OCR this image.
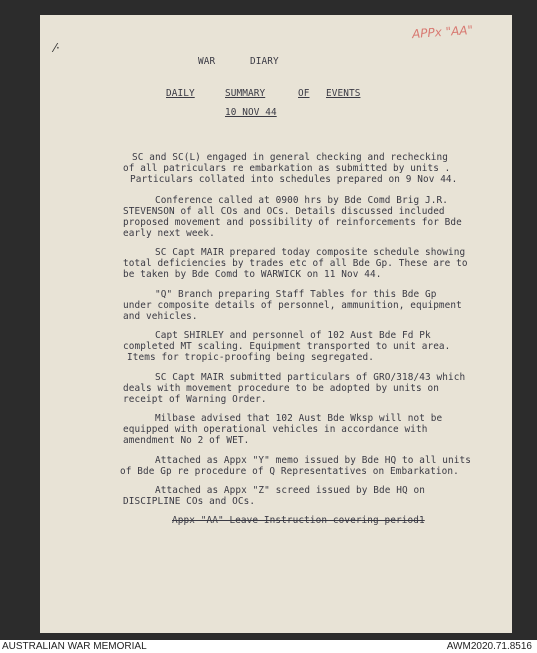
⁄·
APPx "AA"
WAR	DIARY
DAILY	SUMMARY	OF EVENTS
10 NOV 44
SC and SC(L) engaged in general checking and rechecking
of all patriculars re embarkation as submitted by units .
Particulars collated into schedules prepared on 9 Nov 44.
Conference called at 0900 hrs by Bde Comd Brig J.R.
STEVENSON of all COs and OCs. Details discussed included
proposed movement and possibility of reinforcements for Bde
early next week.
SC Capt MAIR prepared today composite schedule showing
total deficiencies by trades etc of all Bde Gp. These are to
be taken by Bde Comd to WARWICK on 11 Nov 44.
"Q" Branch preparing Staff Tables for this Bde Gp
under composite details of personnel, ammunition, equipment
and vehicles.
Capt SHIRLEY and personnel of 102 Aust Bde Fd Pk
completed MT scaling. Equipment transported to unit area.
Items for tropic-proofing being segregated.
SC Capt MAIR submitted particulars of GRO/318/43 which
deals with movement procedure to be adopted by units on
receipt of Warning Order.
Milbase advised that 102 Aust Bde Wksp will not be
equipped with operational vehicles in accordance with
amendment No 2 of WET.
Attached as Appx "Y" memo issued by Bde HQ to all units
of Bde Gp re procedure of Q Representatives on Embarkation.
Attached as Appx "Z" screed issued by Bde HQ on
DISCIPLINE COs and OCs.
Appx "AA" Leave Instruction covering period1
AUSTRALIAN WAR MEMORIAL	AWM2020.71.8516
